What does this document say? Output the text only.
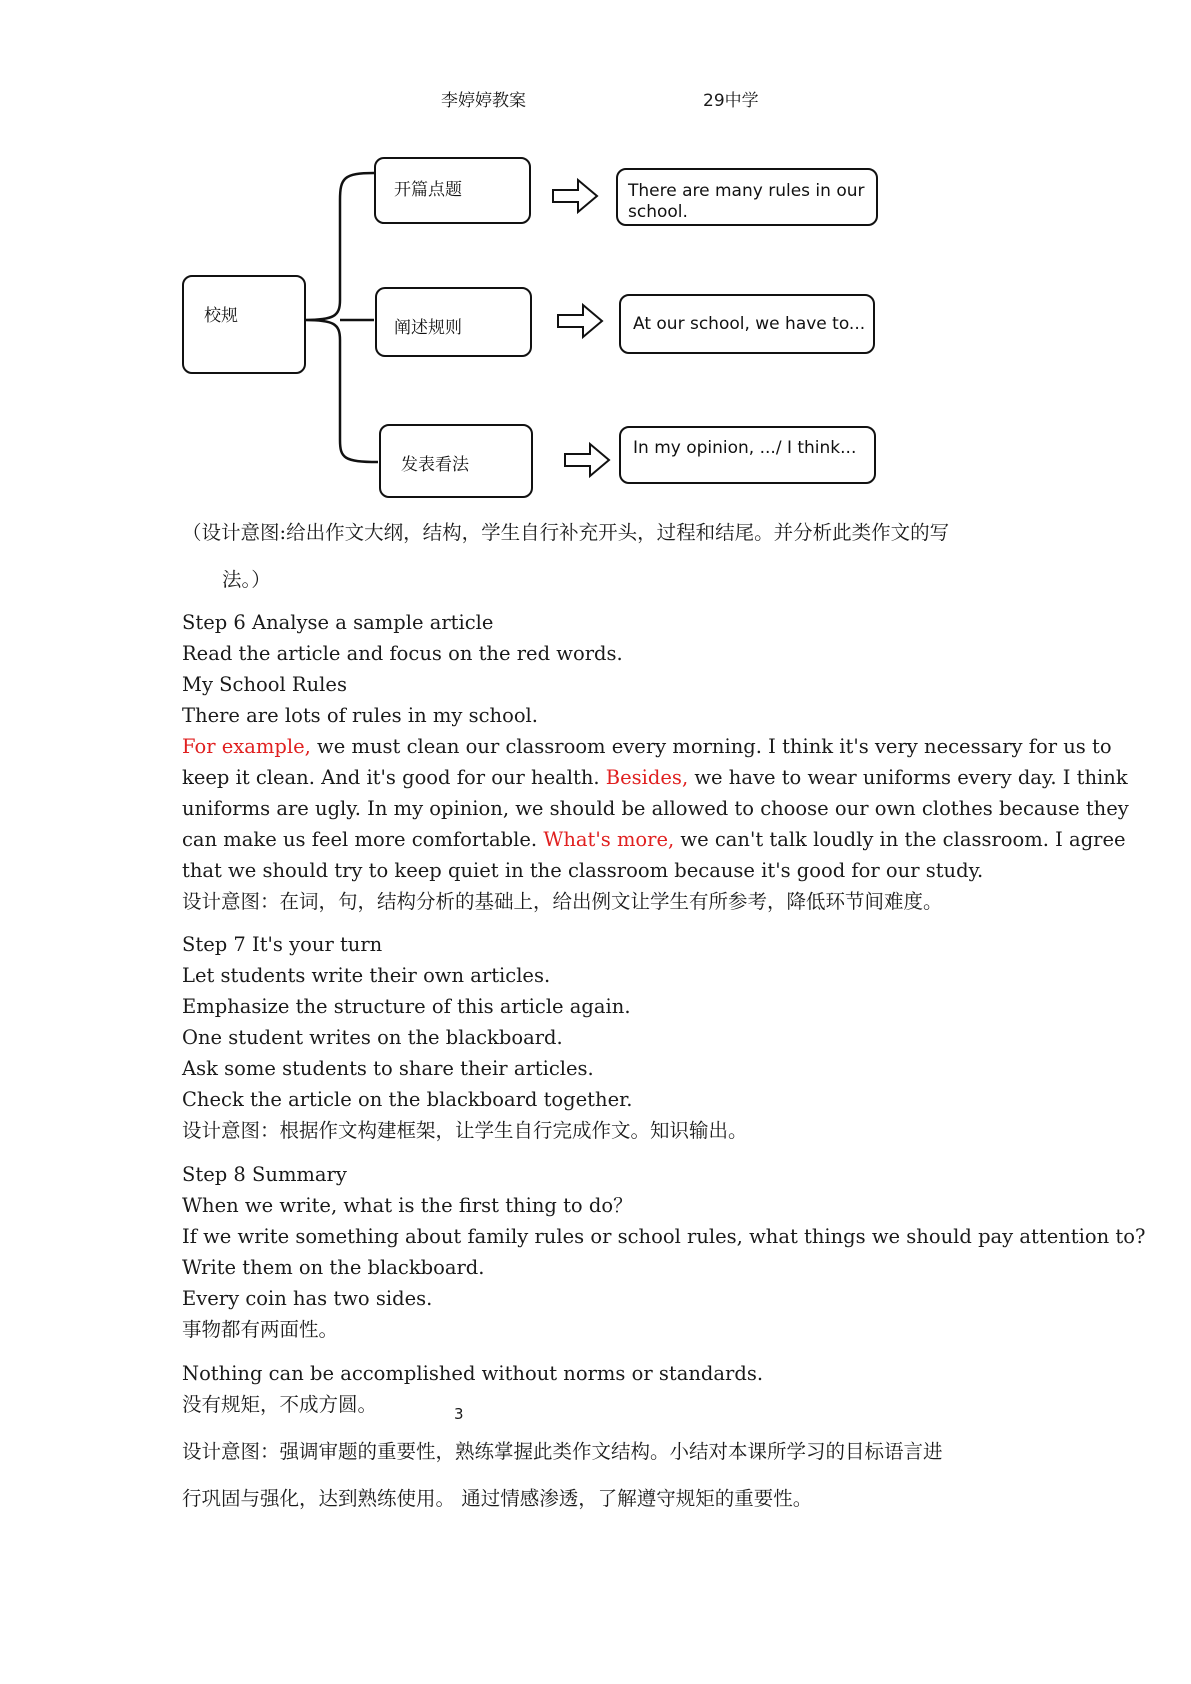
李婷婷教案	29中学
校规
开篇点题
阐述规则
发表看法
There are many rules in our school.
At our school, we have to...
In my opinion, .../ I think...
（设计意图:给出作文大纲，结构，学生自行补充开头，过程和结尾。并分析此类作文的写
法。）
Step 6 Analyse a sample article
Read the article and focus on the red words.
My School Rules
There are lots of rules in my school.
For example, we must clean our classroom every morning. I think it's very necessary for us to
keep it clean. And it's good for our health. Besides, we have to wear uniforms every day. I think
uniforms are ugly. In my opinion, we should be allowed to choose our own clothes because they
can make us feel more comfortable. What's more, we can't talk loudly in the classroom. I agree
that we should try to keep quiet in the classroom because it's good for our study.
设计意图：在词，句，结构分析的基础上，给出例文让学生有所参考，降低环节间难度。
Step 7 It's your turn
Let students write their own articles.
Emphasize the structure of this article again.
One student writes on the blackboard.
Ask some students to share their articles.
Check the article on the blackboard together.
设计意图：根据作文构建框架，让学生自行完成作文。知识输出。
Step 8 Summary
When we write, what is the first thing to do？
If we write something about family rules or school rules, what things we should pay attention to?
Write them on the blackboard.
Every coin has two sides.
事物都有两面性。
Nothing can be accomplished without norms or standards.
没有规矩，不成方圆。	3
设计意图：强调审题的重要性，熟练掌握此类作文结构。小结对本课所学习的目标语言进
行巩固与强化，达到熟练使用。 通过情感渗透，了解遵守规矩的重要性。
